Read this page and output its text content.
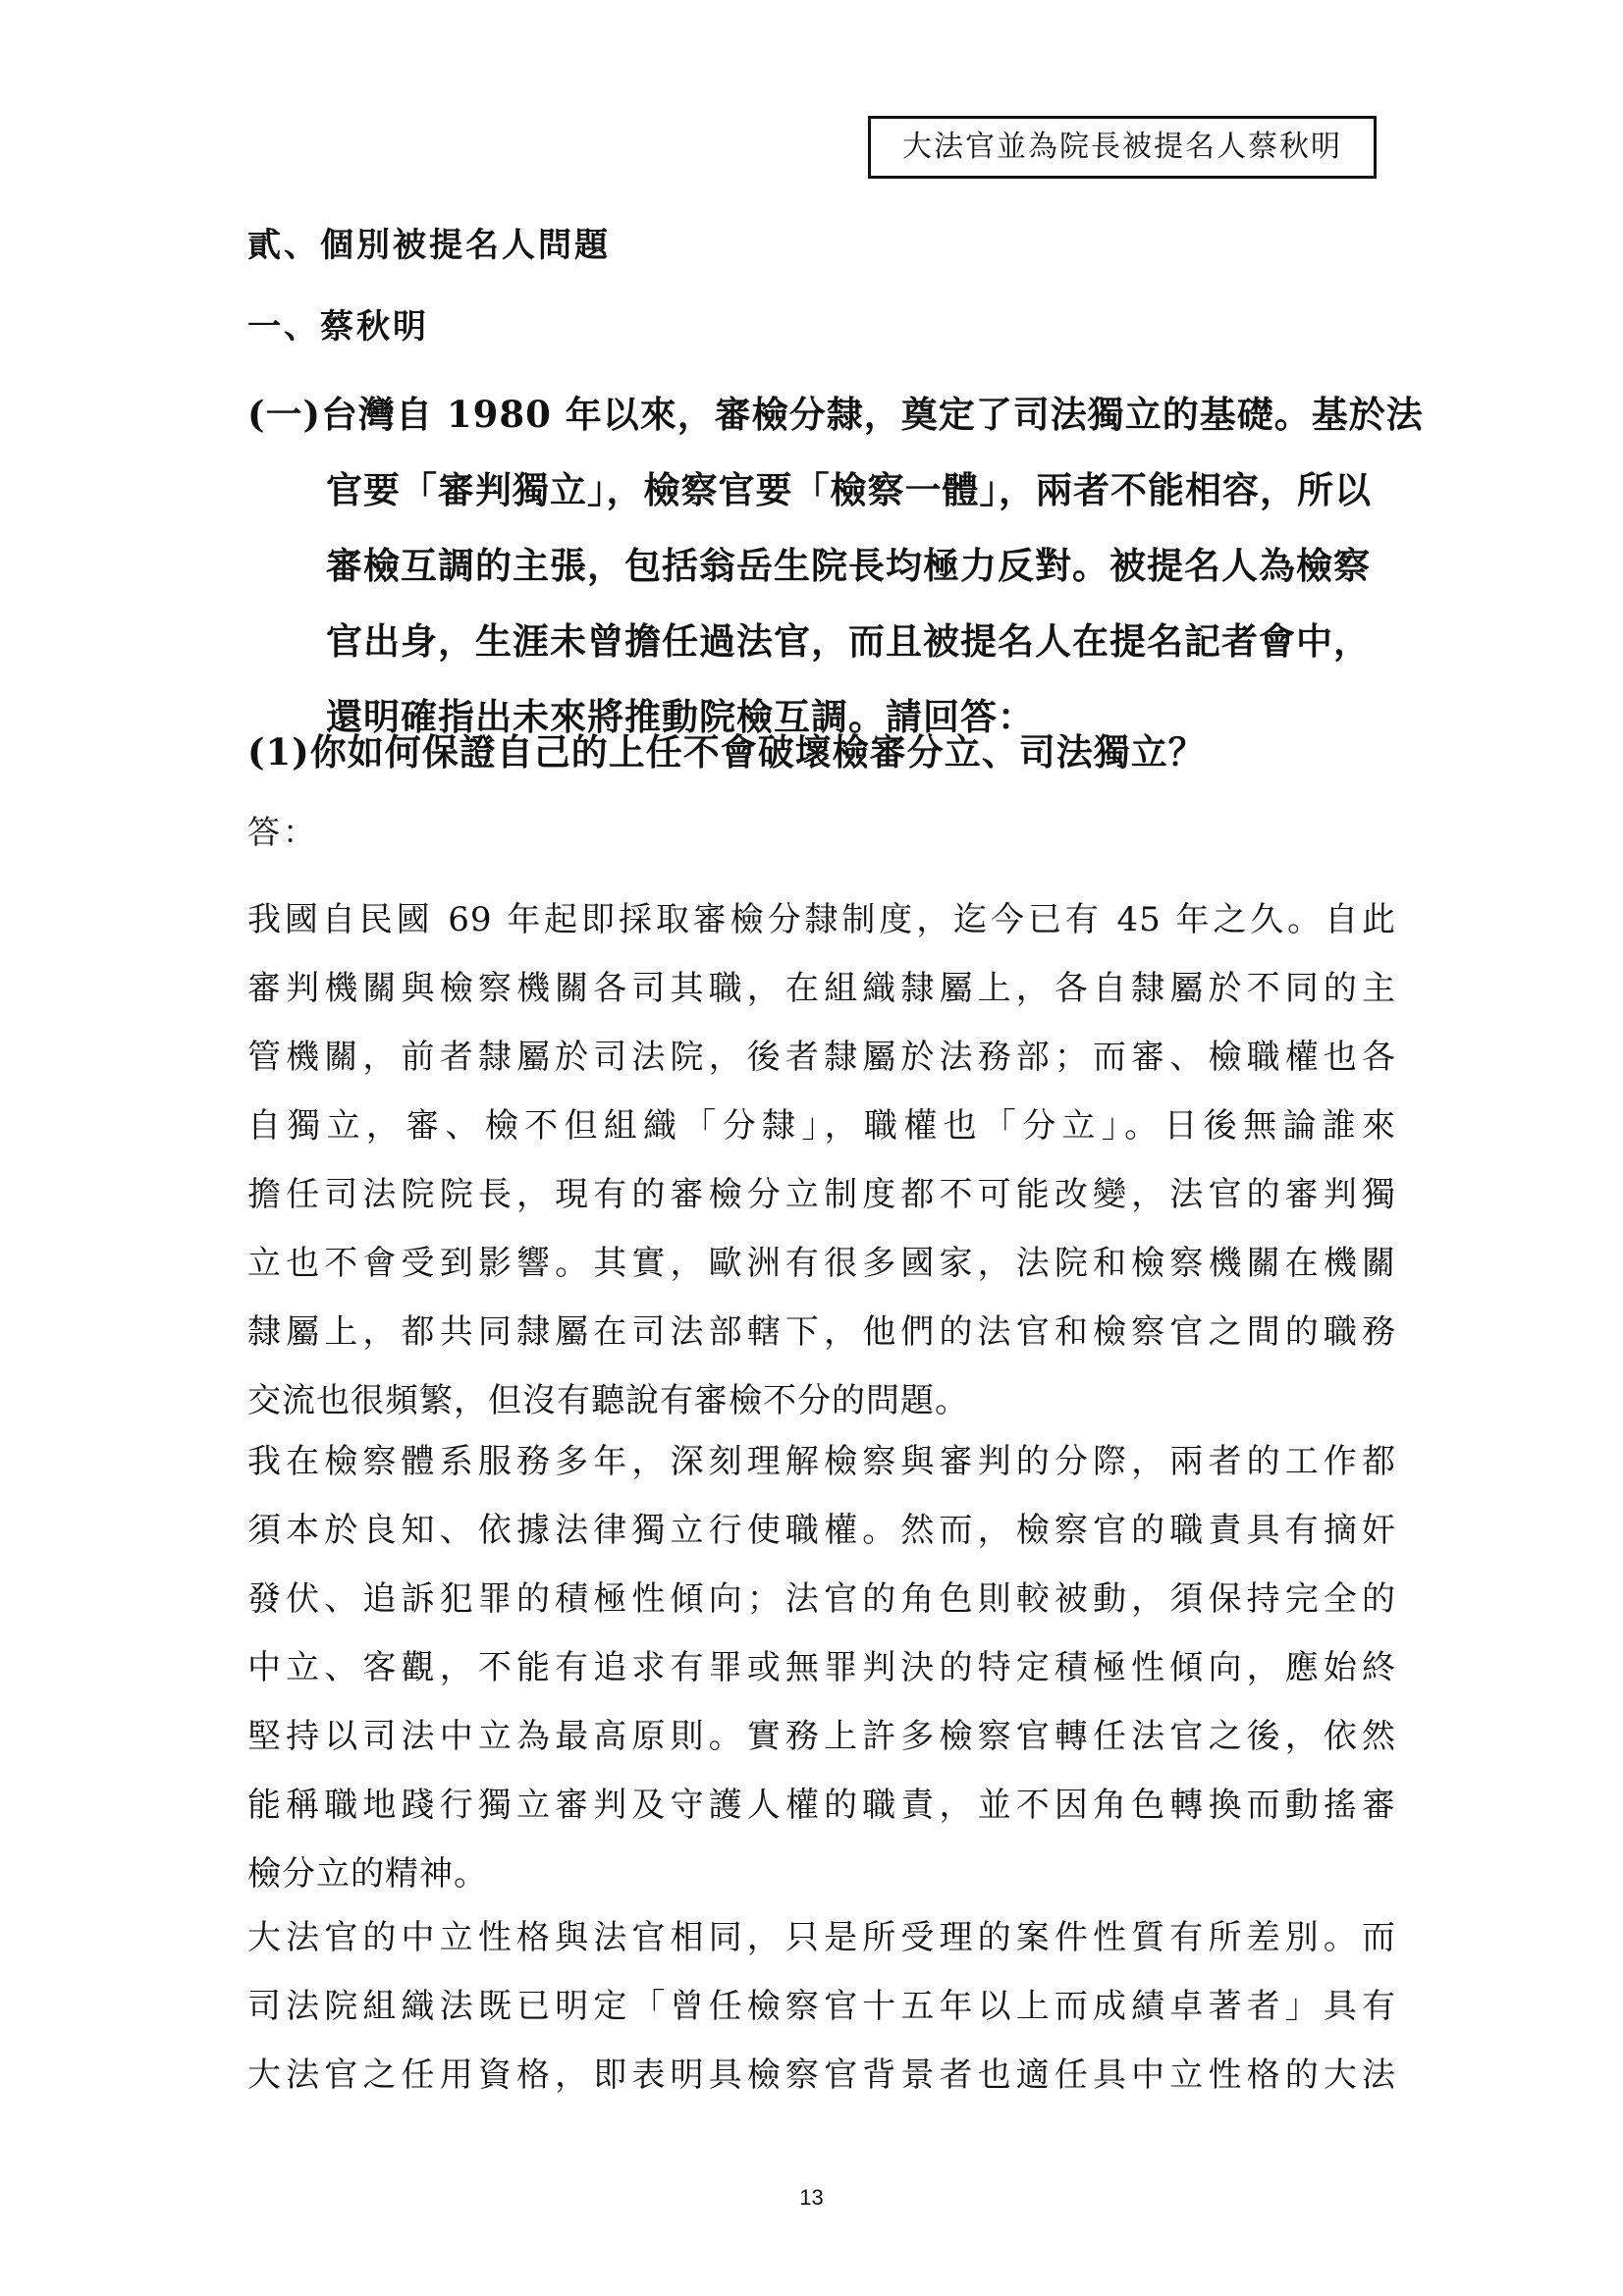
大法官並為院長被提名人蔡秋明
貳、個別被提名人問題
一、蔡秋明
(一)台灣自 1980 年以來，審檢分隸，奠定了司法獨立的基礎。基於法
官要「審判獨立」，檢察官要「檢察一體」，兩者不能相容，所以
審檢互調的主張，包括翁岳生院長均極力反對。被提名人為檢察
官出身，生涯未曾擔任過法官，而且被提名人在提名記者會中，
還明確指出未來將推動院檢互調。請回答：
(1)你如何保證自己的上任不會破壞檢審分立、司法獨立？
答：
我國自民國 69 年起即採取審檢分隸制度，迄今已有 45 年之久。自此
審判機關與檢察機關各司其職，在組織隸屬上，各自隸屬於不同的主
管機關，前者隸屬於司法院，後者隸屬於法務部；而審、檢職權也各
自獨立，審、檢不但組織「分隸」，職權也「分立」。日後無論誰來
擔任司法院院長，現有的審檢分立制度都不可能改變，法官的審判獨
立也不會受到影響。其實，歐洲有很多國家，法院和檢察機關在機關
隸屬上，都共同隸屬在司法部轄下，他們的法官和檢察官之間的職務
交流也很頻繁，但沒有聽說有審檢不分的問題。
我在檢察體系服務多年，深刻理解檢察與審判的分際，兩者的工作都
須本於良知、依據法律獨立行使職權。然而，檢察官的職責具有摘奸
發伏、追訴犯罪的積極性傾向；法官的角色則較被動，須保持完全的
中立、客觀，不能有追求有罪或無罪判決的特定積極性傾向，應始終
堅持以司法中立為最高原則。實務上許多檢察官轉任法官之後，依然
能稱職地踐行獨立審判及守護人權的職責，並不因角色轉換而動搖審
檢分立的精神。
大法官的中立性格與法官相同，只是所受理的案件性質有所差別。而
司法院組織法既已明定「曾任檢察官十五年以上而成績卓著者」具有
大法官之任用資格，即表明具檢察官背景者也適任具中立性格的大法
13
